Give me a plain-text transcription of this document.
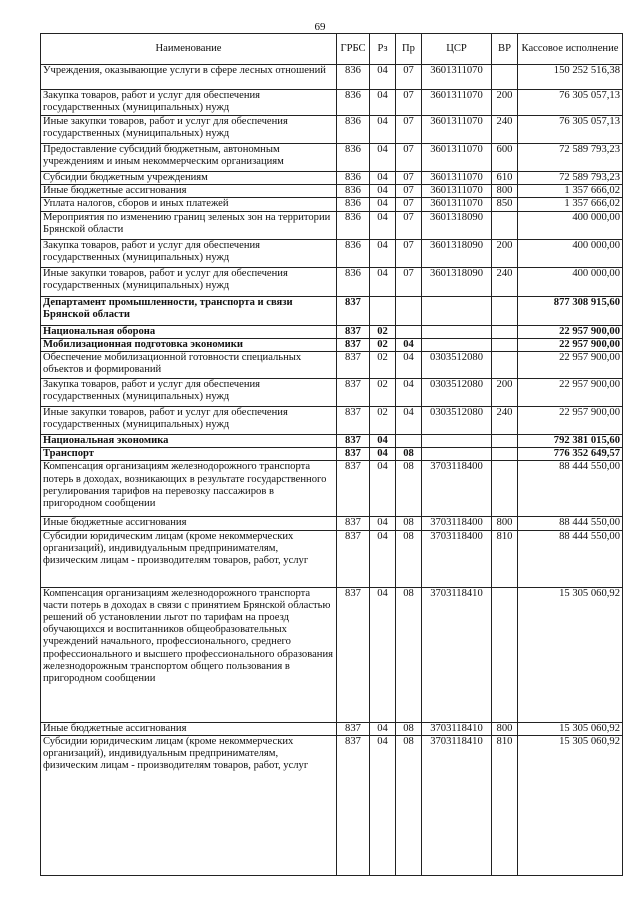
69
Наименование	ГРБС	Рз	Пр	ЦСР	ВР	Кассовое исполнение
Учреждения, оказывающие услуги в сфере лесных отношений	836	04	07	3601311070		150 252 516,38
Закупка товаров, работ и услуг для обеспечения государственных (муниципальных) нужд	836	04	07	3601311070	200	76 305 057,13
Иные закупки товаров, работ и услуг для обеспечения государственных (муниципальных) нужд	836	04	07	3601311070	240	76 305 057,13
Предоставление субсидий бюджетным, автономным учреждениям и иным некоммерческим организациям	836	04	07	3601311070	600	72 589 793,23
Субсидии бюджетным учреждениям	836	04	07	3601311070	610	72 589 793,23
Иные бюджетные ассигнования	836	04	07	3601311070	800	1 357 666,02
Уплата налогов, сборов и иных платежей	836	04	07	3601311070	850	1 357 666,02
Мероприятия по изменению границ зеленых зон на территории Брянской области	836	04	07	3601318090		400 000,00
Закупка товаров, работ и услуг для обеспечения государственных (муниципальных) нужд	836	04	07	3601318090	200	400 000,00
Иные закупки товаров, работ и услуг для обеспечения государственных (муниципальных) нужд	836	04	07	3601318090	240	400 000,00
Департамент промышленности, транспорта и связи Брянской области	837					877 308 915,60
Национальная оборона	837	02				22 957 900,00
Мобилизационная подготовка экономики	837	02	04			22 957 900,00
Обеспечение мобилизационной готовности специальных объектов и формирований	837	02	04	0303512080		22 957 900,00
Закупка товаров, работ и услуг для обеспечения государственных (муниципальных) нужд	837	02	04	0303512080	200	22 957 900,00
Иные закупки товаров, работ и услуг для обеспечения государственных (муниципальных) нужд	837	02	04	0303512080	240	22 957 900,00
Национальная экономика	837	04				792 381 015,60
Транспорт	837	04	08			776 352 649,57
Компенсация организациям железнодорожного транспорта потерь в доходах, возникающих в результате государственного регулирования тарифов на перевозку пассажиров в пригородном сообщении	837	04	08	3703118400		88 444 550,00
Иные бюджетные ассигнования	837	04	08	3703118400	800	88 444 550,00
Субсидии юридическим лицам (кроме некоммерческих организаций), индивидуальным предпринимателям, физическим лицам - производителям товаров, работ, услуг	837	04	08	3703118400	810	88 444 550,00
Компенсация организациям железнодорожного транспорта части потерь в доходах в связи с принятием Брянской областью решений об установлении льгот по тарифам на проезд обучающихся и воспитанников общеобразовательных учреждений начального, профессионального, среднего профессионального и высшего профессионального образования железнодорожным транспортом общего пользования в пригородном сообщении	837	04	08	3703118410		15 305 060,92
Иные бюджетные ассигнования	837	04	08	3703118410	800	15 305 060,92
Субсидии юридическим лицам (кроме некоммерческих организаций), индивидуальным предпринимателям, физическим лицам - производителям товаров, работ, услуг	837	04	08	3703118410	810	15 305 060,92
